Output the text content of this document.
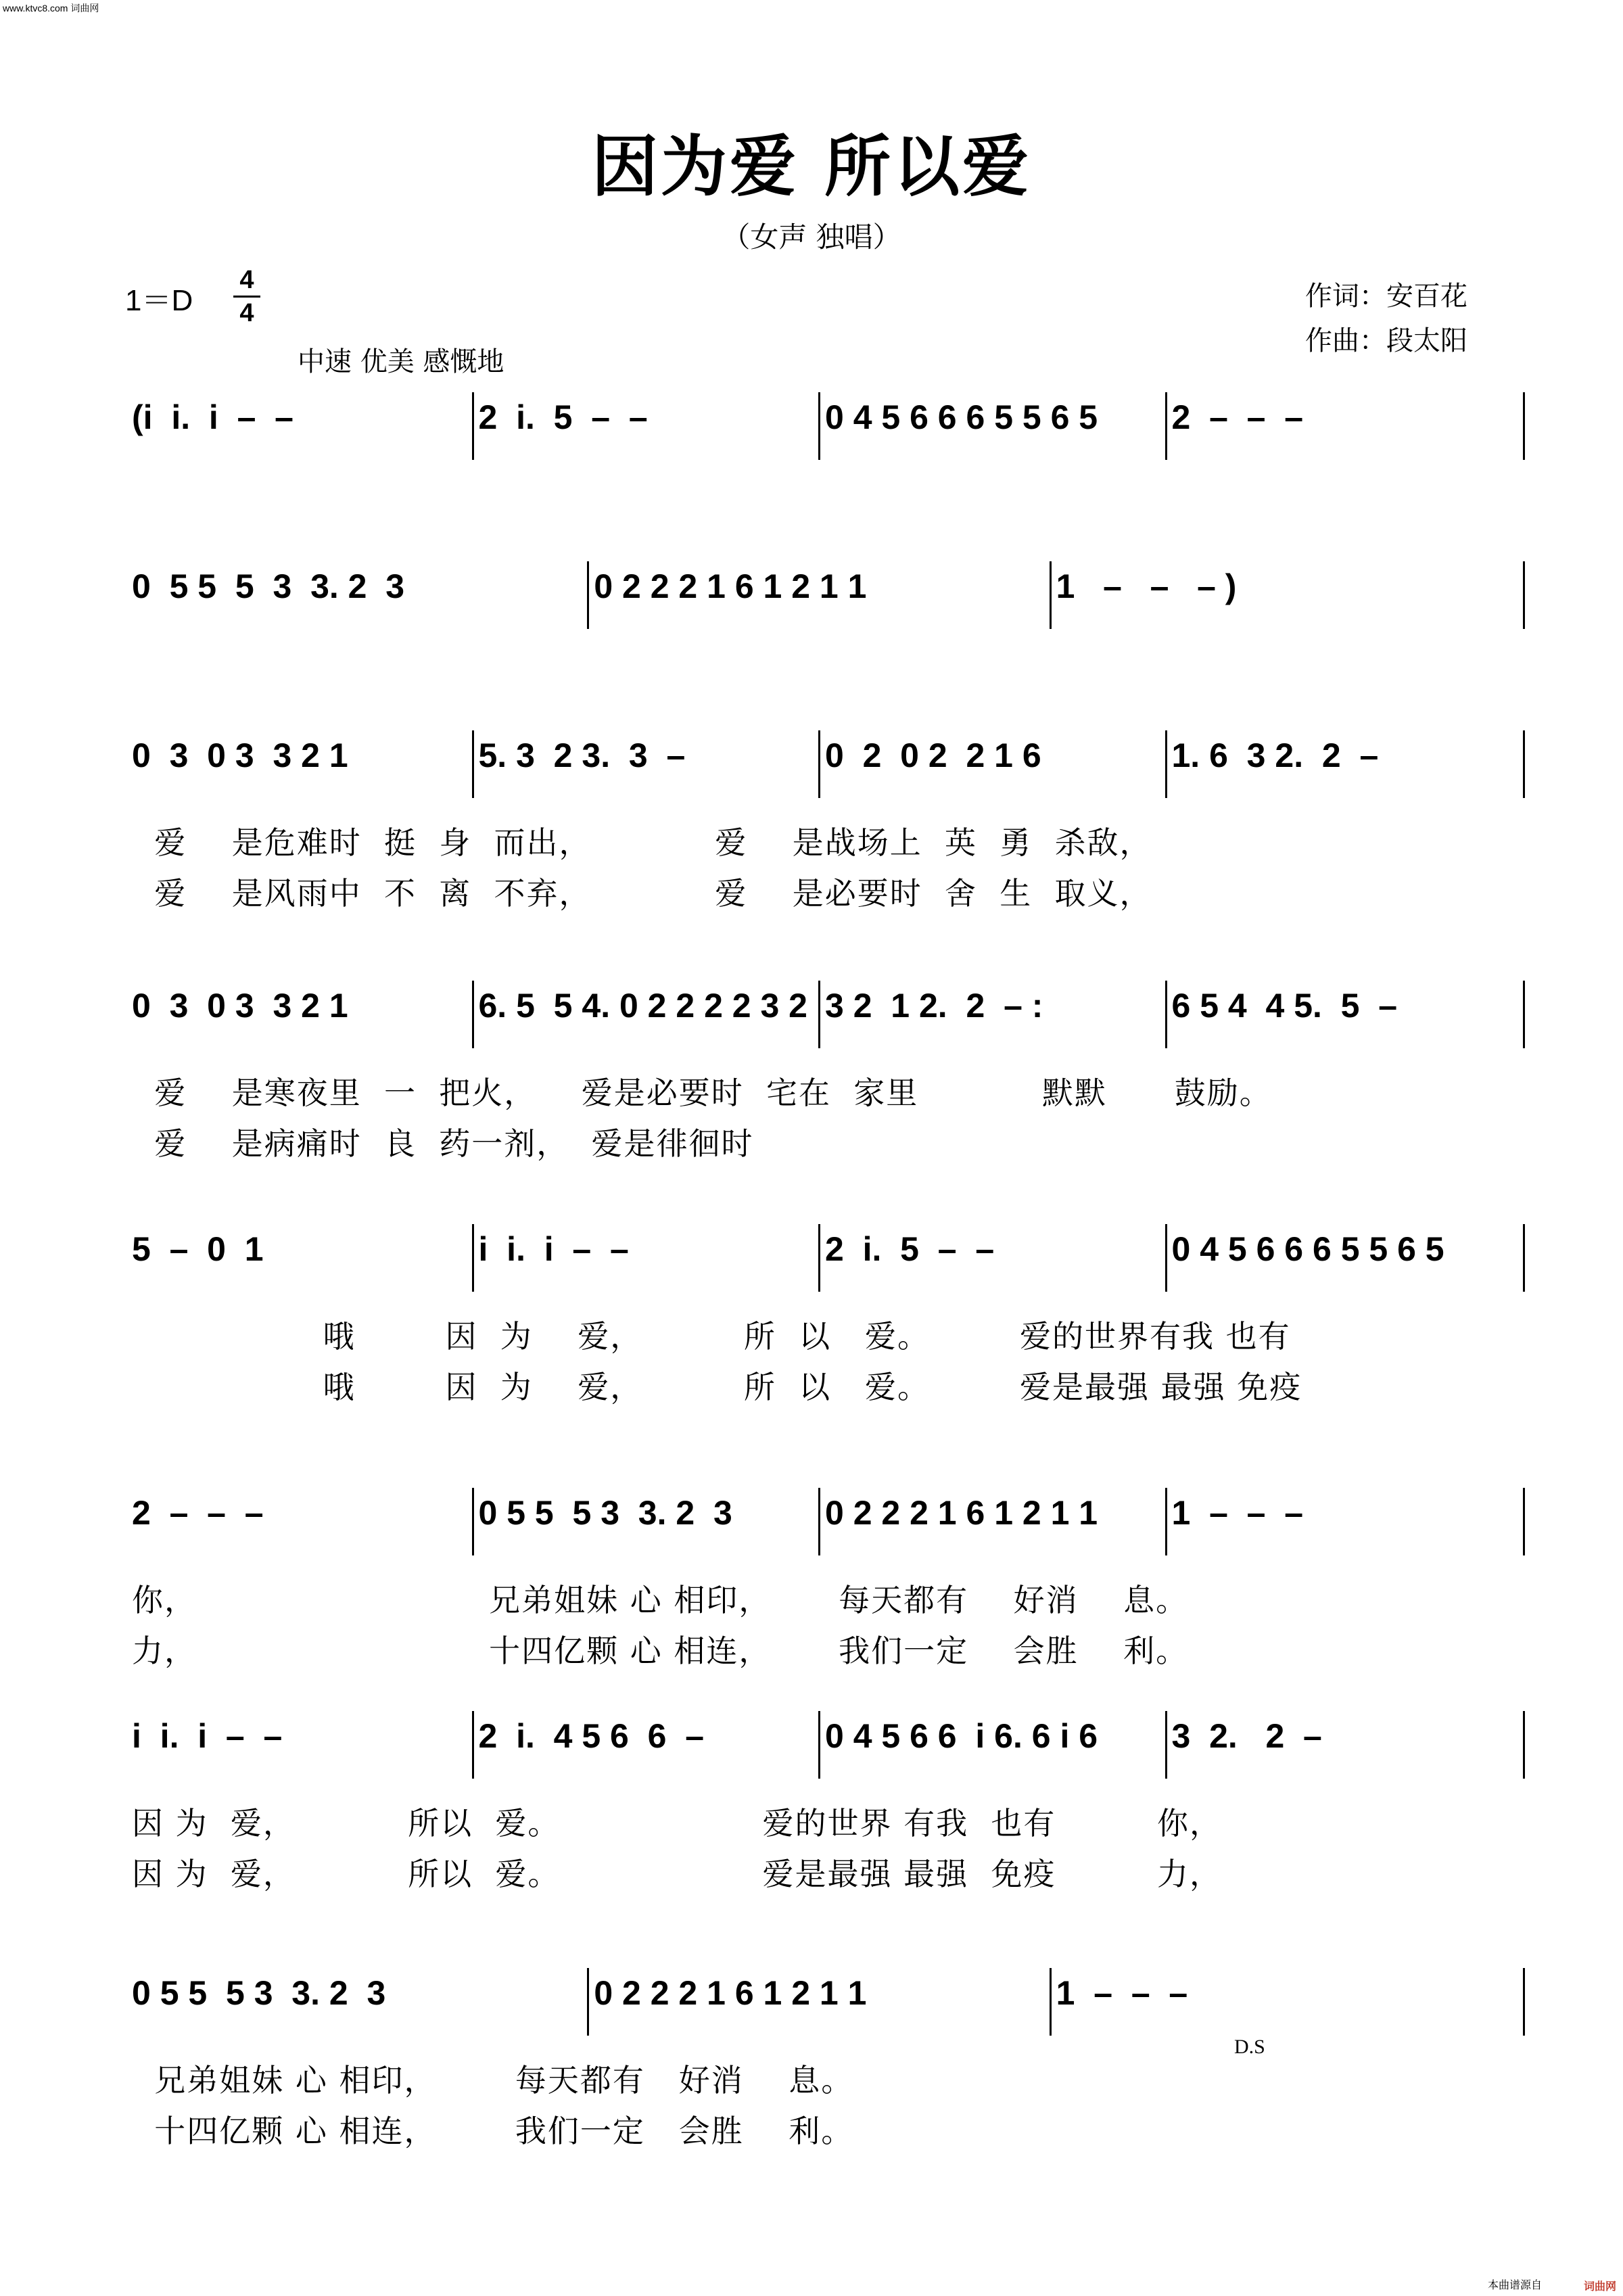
www.ktvc8.com 词曲网
因为爱 所以爱
（女声 独唱）
1＝D
4
4
中速 优美 感慨地
作词：安百花
作曲：段太阳
(i  i.  i  –  –	2  i.  5  –  –	0 4 5 6 6 6 5 5 6 5	2  –  –  –
0  5 5  5  3  3. 2  3	0 2 2 2 1 6 1 2 1 1	1   –   –   – )
0  3  0 3  3 2 1	5. 3  2 3.  3  –	0  2  0 2  2 1 6	1. 6  3 2.  2  –
爱    是危难时  挺  身  而出，           爱    是战场上  英  勇  杀敌，
爱    是风雨中  不  离  不弃，           爱    是必要时  舍  生  取义，
0  3  0 3  3 2 1	6. 5  5 4. 0 2 2 2 2 3 2 3 2  1 2.  2  – :	6 5 4  4 5.  5  –
爱    是寒夜里  一  把火，    爱是必要时  宅在  家里           默默      鼓励。
爱    是病痛时  良  药一剂，  爱是徘徊时
5  –  0  1	i  i.  i  –  –	2  i.  5  –  –	0 4 5 6 6 6 5 5 6 5
哦        因  为    爱，         所  以   爱。        爱的世界有我 也有
哦        因  为    爱，         所  以   爱。        爱是最强 最强 免疫
2  –  –  –	0 5 5  5 3  3. 2  3	0 2 2 2 1 6 1 2 1 1	1  –  –  –
你，                          兄弟姐妹 心 相印，      每天都有    好消    息。
力，                          十四亿颗 心 相连，      我们一定    会胜    利。
i  i.  i  –  –	2  i.  4 5 6  6  –	0 4 5 6 6  i 6. 6 i 6	3  2.   2  –
因 为  爱，          所以  爱。                  爱的世界 有我  也有         你，
因 为  爱，          所以  爱。                  爱是最强 最强  免疫         力，
0 5 5  5 3  3. 2  3	0 2 2 2 1 6 1 2 1 1	1  –  –  –
D.S
兄弟姐妹 心 相印，       每天都有   好消    息。
十四亿颗 心 相连，       我们一定   会胜    利。
本曲谱源自	词曲网
